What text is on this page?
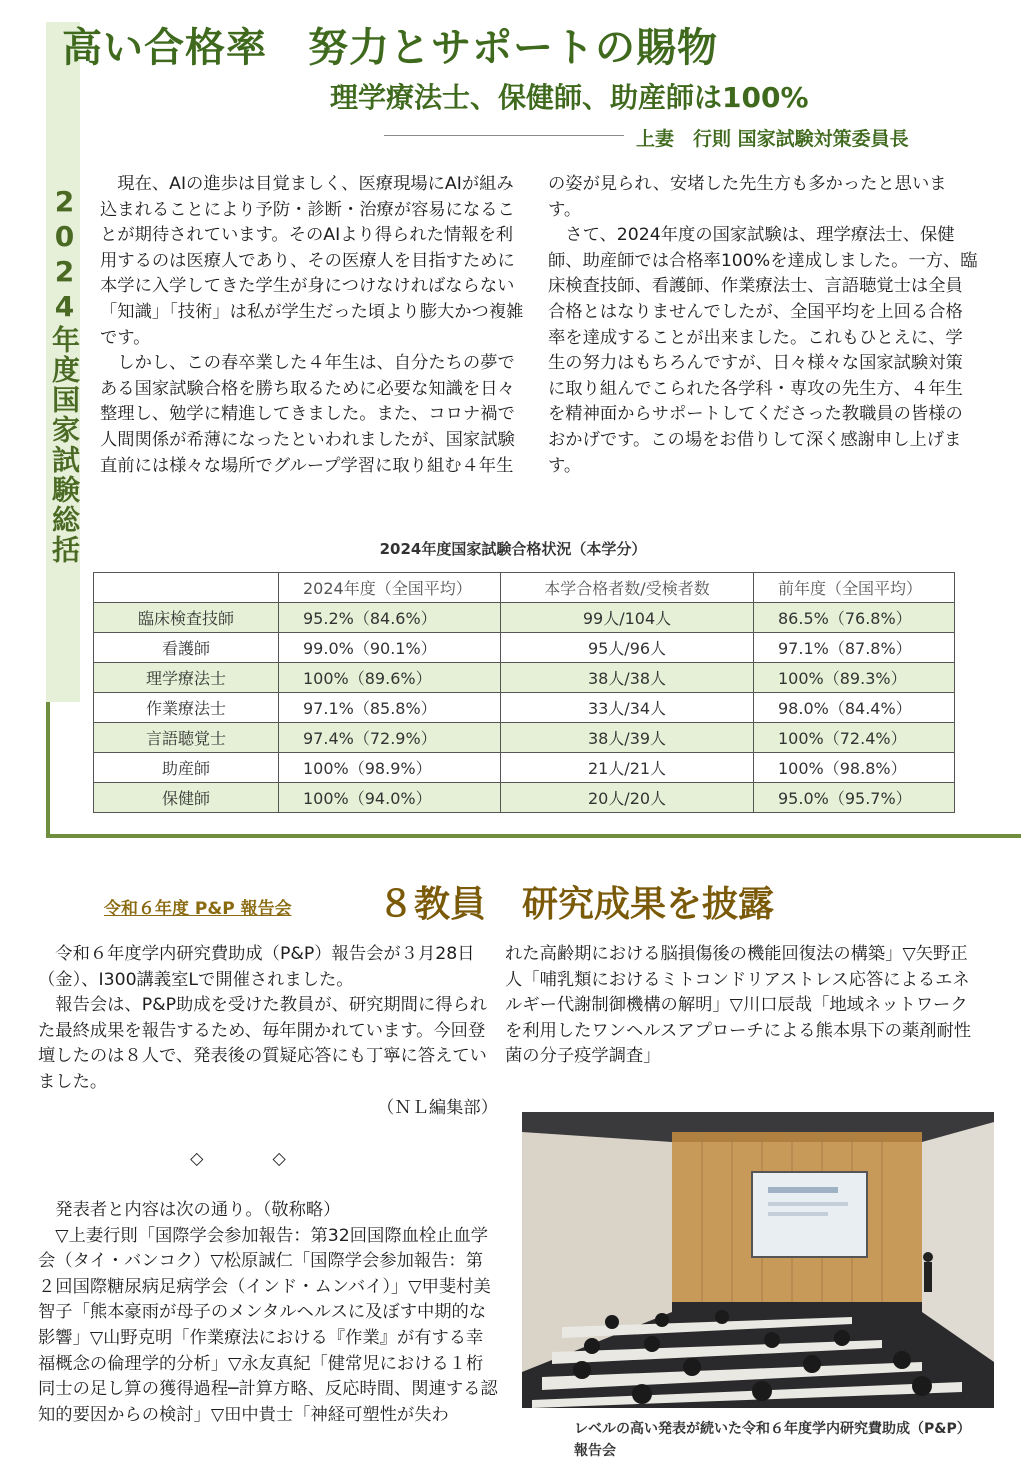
2024年度国家試験総括
高い合格率　努力とサポートの賜物
理学療法士、保健師、助産師は100%
上妻　行則 国家試験対策委員長

　現在、AIの進歩は目覚ましく、医療現場にAIが組み込まれることにより予防・診断・治療が容易になることが期待されています。そのAIより得られた情報を利用するのは医療人であり、その医療人を目指すために本学に入学してきた学生が身につけなければならない「知識」「技術」は私が学生だった頃より膨大かつ複雑です。

　しかし、この春卒業した４年生は、自分たちの夢である国家試験合格を勝ち取るために必要な知識を日々整理し、勉学に精進してきました。また、コロナ禍で人間関係が希薄になったといわれましたが、国家試験直前には様々な場所でグループ学習に取り組む４年生

の姿が見られ、安堵した先生方も多かったと思います。

　さて、2024年度の国家試験は、理学療法士、保健師、助産師では合格率100%を達成しました。一方、臨床検査技師、看護師、作業療法士、言語聴覚士は全員合格とはなりませんでしたが、全国平均を上回る合格率を達成することが出来ました。これもひとえに、学生の努力はもちろんですが、日々様々な国家試験対策に取り組んでこられた各学科・専攻の先生方、４年生を精神面からサポートしてくださった教職員の皆様のおかげです。この場をお借りして深く感謝申し上げます。

2024年度国家試験合格状況（本学分）
	2024年度（全国平均）	本学合格者数/受検者数	前年度（全国平均）
臨床検査技師	95.2%（84.6%）	99人/104人	86.5%（76.8%）
看護師	99.0%（90.1%）	95人/96人	97.1%（87.8%）
理学療法士	100%（89.6%）	38人/38人	100%（89.3%）
作業療法士	97.1%（85.8%）	33人/34人	98.0%（84.4%）
言語聴覚士	97.4%（72.9%）	38人/39人	100%（72.4%）
助産師	100%（98.9%）	21人/21人	100%（98.8%）
保健師	100%（94.0%）	20人/20人	95.0%（95.7%）
令和６年度 P&P 報告会 ８教員　研究成果を披露

　令和６年度学内研究費助成（P&P）報告会が３月28日（金）、I300講義室Lで開催されました。

　報告会は、P&P助成を受けた教員が、研究期間に得られた最終成果を報告するため、毎年開かれています。今回登壇したのは８人で、発表後の質疑応答にも丁寧に答えていました。

（ＮＬ編集部）

◇　　　　◇

　発表者と内容は次の通り。（敬称略）

　▽上妻行則「国際学会参加報告：第32回国際血栓止血学会（タイ・バンコク）▽松原誠仁「国際学会参加報告：第２回国際糖尿病足病学会（インド・ムンバイ）」▽甲斐村美智子「熊本豪雨が母子のメンタルヘルスに及ぼす中期的な影響」▽山野克明「作業療法における『作業』が有する幸福概念の倫理学的分析」▽永友真紀「健常児における１桁同士の足し算の獲得過程─計算方略、反応時間、関連する認知的要因からの検討」▽田中貴士「神経可塑性が失わ

れた高齢期における脳損傷後の機能回復法の構築」▽矢野正人「哺乳類におけるミトコンドリアストレス応答によるエネルギー代謝制御機構の解明」▽川口辰哉「地域ネットワークを利用したワンヘルスアプローチによる熊本県下の薬剤耐性菌の分子疫学調査」

レベルの高い発表が続いた令和６年度学内研究費助成（P&P）報告会
